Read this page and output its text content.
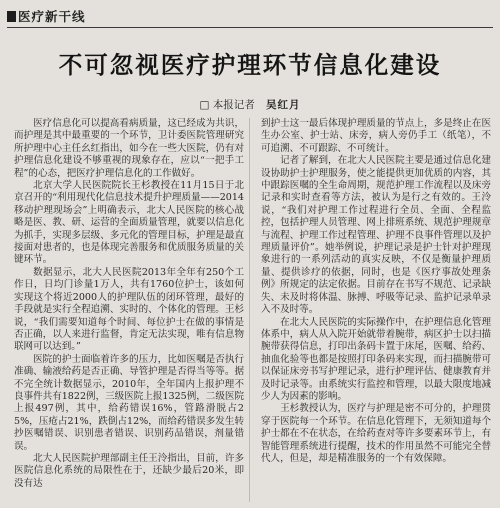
医疗新干线
不可忽视医疗护理环节信息化建设
□ 本报记者 吴红月

医疗信息化可以提高看病质量，这已经成为共识，而护理是其中最重要的一个环节，卫计委医院管理研究所护理中心主任幺红指出，如今在一些大医院，仍有对护理信息化建设不够重视的现象存在，应以“一把手工程”的心态，把医疗护理信息化的工作做好。

北京大学人民医院院长王杉教授在11月15日于北京召开的“利用现代化信息技术提升护理质量——2014移动护理现场会”上明确表示，北大人民医院的核心战略是医、教、研、运营的全面质量管理，就要以信息化为抓手，实现多层级、多元化的管理目标，护理是最直接面对患者的，也是体现完善服务和优质服务质量的关键环节。

数据显示，北大人民医院2013年全年有250个工作日，日均门诊量1万人，共有1760位护士，该如何实现这个将近2000人的护理队伍的闭环管理，最好的手段就是实行全程追溯、实时的、个体化的管理。王杉说，“我们需要知道每个时间、每位护士在做的事情是否正确，以人来进行监督，肯定无法实现，唯有信息物联网可以达到。”

医院的护士面临着许多的压力，比如医嘱是否执行准确、输液给药是否正确、导管护理是否得当等等。据不完全统计数据显示，2010年，全年国内上报护理不良事件共有1822例，三级医院上报1325例，二级医院上报497例，其中，给药错误16%，管路滑脱占25%，压疮占21%，跌倒占12%，而给药错误多发生转抄医嘱错误、识别患者错误、识别药品错误，剂量错误。

北大人民医院护理部副主任王泠指出，目前，许多医院信息化系统的局限性在于，还缺少最后20米，即没有达

到护士这一最后体现护理质量的节点上，多是终止在医生办公室、护士站、床旁，病人旁仍手工（纸笔），不可追溯、不可跟踪、不可统计。

记者了解到，在北大人民医院主要是通过信息化建设协助护士护理服务，使之能提供更加优质的内容，其中跟踪医嘱的全生命周期，规范护理工作流程以及床旁记录和实时查看等方法，被认为是行之有效的。王泠说，“我们对护理工作过程进行全员、全面、全程监控，包括护理人员管理、网上排班系统、规范护理规章与流程、护理工作过程管理、护理不良事件管理以及护理质量评价”。她举例说，护理记录是护士针对护理现象进行的一系列活动的真实反映，不仅是衡量护理质量、提供诊疗的依据，同时，也是《医疗事故处理条例》所规定的法定依据。目前存在书写不规范、记录缺失、未及时将体温、脉搏、呼吸等记录、监护记录单录入不及时等。

在北大人民医院的实际操作中，在护理信息化管理体系中，病人从入院开始就带着腕带，病区护士以扫描腕带获得信息，打印出条码卡置于床尾，医嘱、给药、抽血化验等也都是按照打印条码来实现，而扫描腕带可以保证床旁书写护理记录，进行护理评估、健康教育并及时记录等。由系统实行监控和管理，以最大限度地减少人为因素的影响。

王杉教授认为，医疗与护理是密不可分的，护理贯穿于医院每一个环节。在信息化管理下，无须知道每个护士都在不在状态，在给药查对等许多要素环节上，有智能管理系统进行提醒，技术的作用虽然不可能完全替代人，但是，却是精准服务的一个有效保障。
